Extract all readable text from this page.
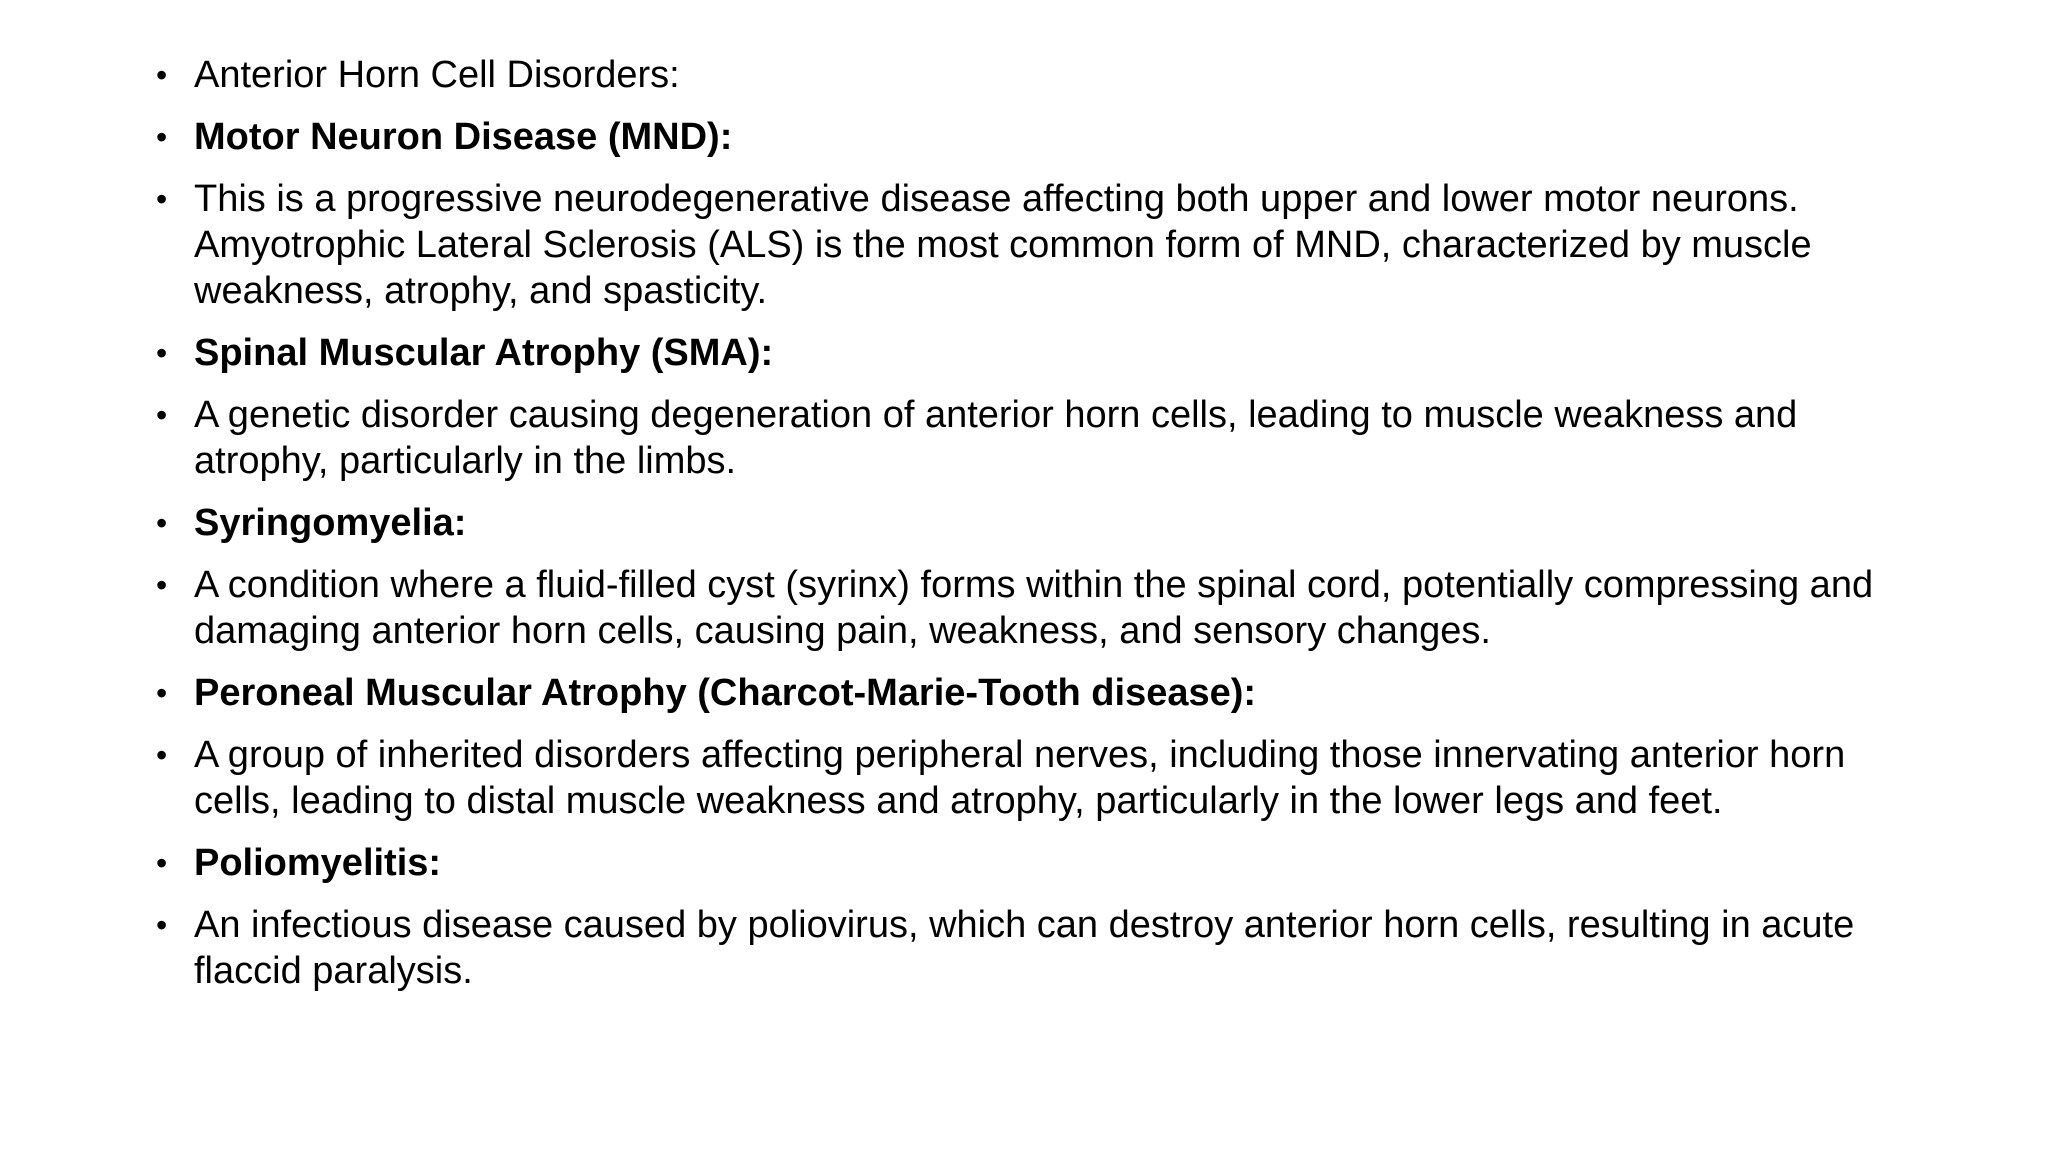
• Anterior Horn Cell Disorders:
• Motor Neuron Disease (MND):
• This is a progressive neurodegenerative disease affecting both upper and lower motor neurons. Amyotrophic Lateral Sclerosis (ALS) is the most common form of MND, characterized by muscle weakness, atrophy, and spasticity.
• Spinal Muscular Atrophy (SMA):
• A genetic disorder causing degeneration of anterior horn cells, leading to muscle weakness and atrophy, particularly in the limbs.
• Syringomyelia:
• A condition where a fluid-filled cyst (syrinx) forms within the spinal cord, potentially compressing and damaging anterior horn cells, causing pain, weakness, and sensory changes.
• Peroneal Muscular Atrophy (Charcot-Marie-Tooth disease):
• A group of inherited disorders affecting peripheral nerves, including those innervating anterior horn cells, leading to distal muscle weakness and atrophy, particularly in the lower legs and feet.
• Poliomyelitis:
• An infectious disease caused by poliovirus, which can destroy anterior horn cells, resulting in acute flaccid paralysis.
